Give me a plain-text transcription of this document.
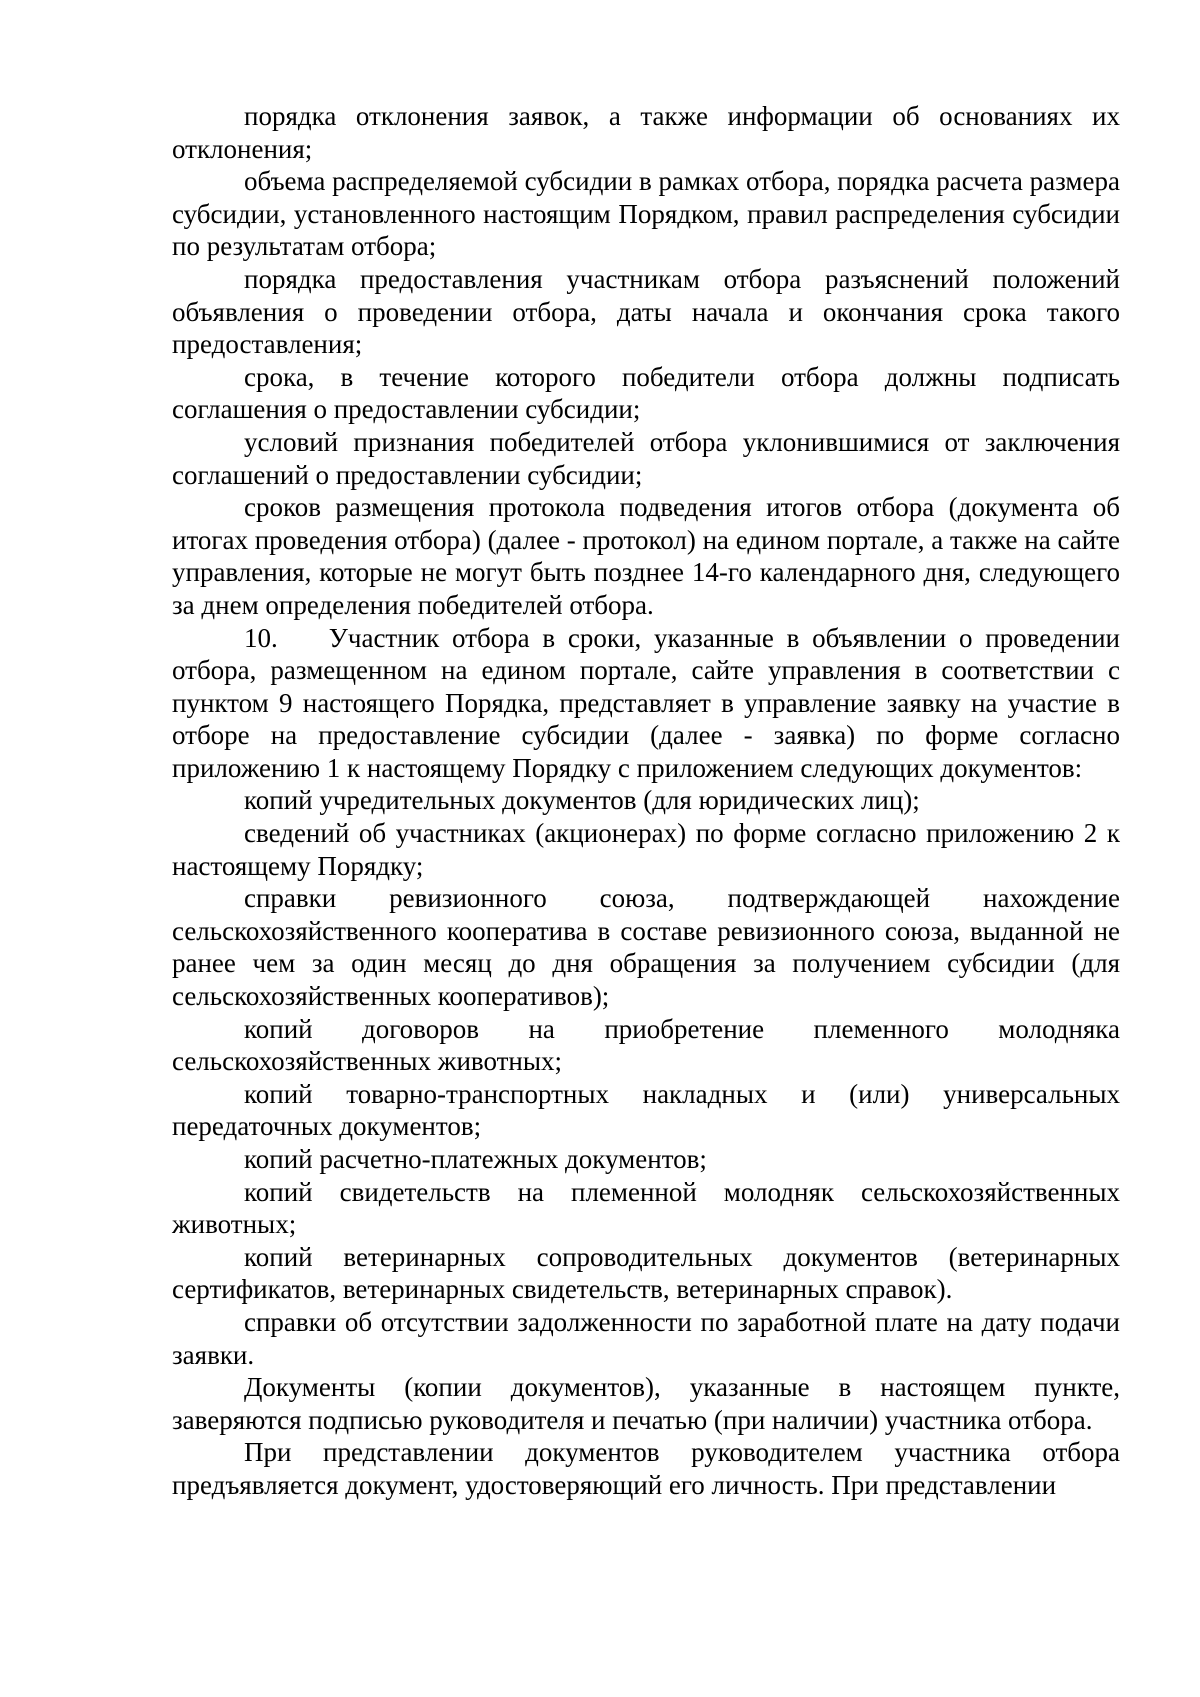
порядка отклонения заявок, а также информации об основаниях их отклонения;

объема распределяемой субсидии в рамках отбора, порядка расчета размера субсидии, установленного настоящим Порядком, правил распределения субсидии по результатам отбора;

порядка предоставления участникам отбора разъяснений положений объявления о проведении отбора, даты начала и окончания срока такого предоставления;

срока, в течение которого победители отбора должны подписать соглашения о предоставлении субсидии;

условий признания победителей отбора уклонившимися от заключения соглашений о предоставлении субсидии;

сроков размещения протокола подведения итогов отбора (документа об итогах проведения отбора) (далее - протокол) на едином портале, а также на сайте управления, которые не могут быть позднее 14-го календарного дня, следующего за днем определения победителей отбора.

10.    Участник отбора в сроки, указанные в объявлении о проведении отбора, размещенном на едином портале, сайте управления в соответствии с пунктом 9 настоящего Порядка, представляет в управление заявку на участие в отборе на предоставление субсидии (далее - заявка) по форме согласно приложению 1 к настоящему Порядку с приложением следующих документов:

копий учредительных документов (для юридических лиц);

сведений об участниках (акционерах) по форме согласно приложению 2 к настоящему Порядку;

справки ревизионного союза, подтверждающей нахождение сельскохозяйственного кооператива в составе ревизионного союза, выданной не ранее чем за один месяц до дня обращения за получением субсидии (для сельскохозяйственных кооперативов);

копий договоров на приобретение племенного молодняка сельскохозяйственных животных;

копий товарно-транспортных накладных и (или) универсальных передаточных документов;

копий расчетно-платежных документов;

копий свидетельств на племенной молодняк сельскохозяйственных животных;

копий ветеринарных сопроводительных документов (ветеринарных сертификатов, ветеринарных свидетельств, ветеринарных справок).

справки об отсутствии задолженности по заработной плате на дату подачи заявки.

Документы (копии документов), указанные в настоящем пункте, заверяются подписью руководителя и печатью (при наличии) участника отбора.

При представлении документов руководителем участника отбора предъявляется документ, удостоверяющий его личность. При представлении
